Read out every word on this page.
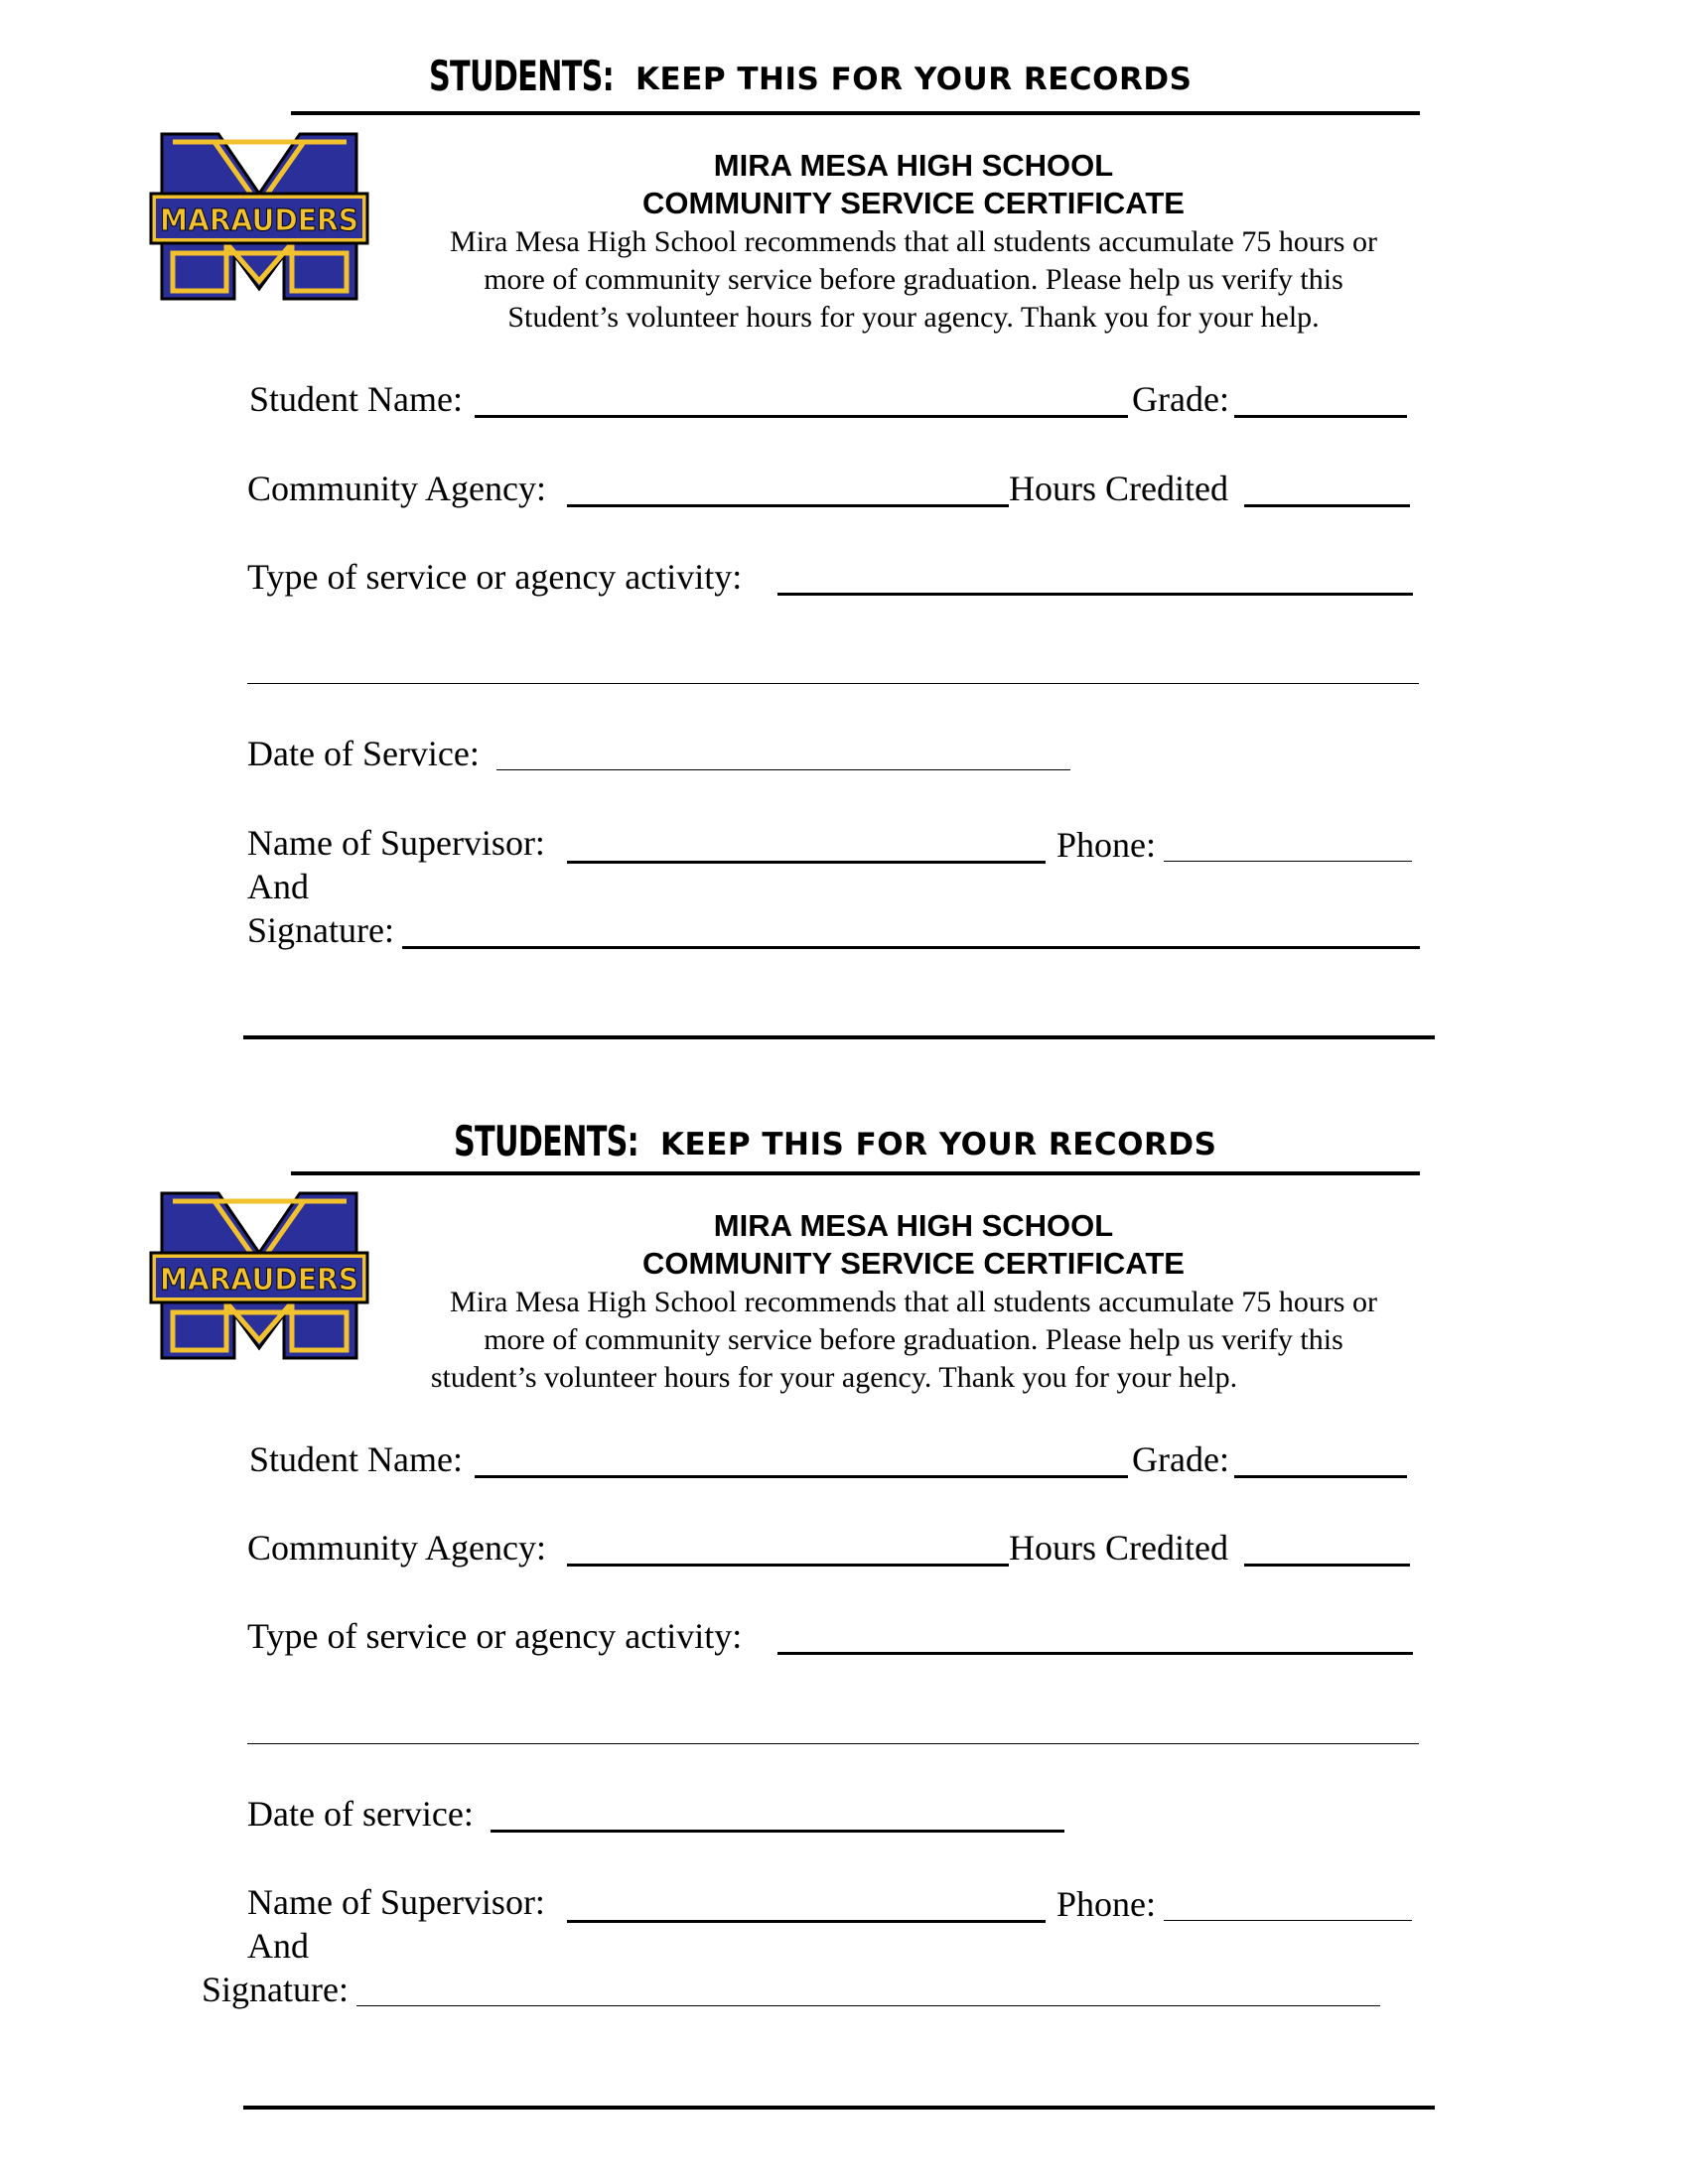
STUDENTS: KEEP THIS FOR YOUR RECORDS
MARAUDERS
MIRA MESA HIGH SCHOOL
COMMUNITY SERVICE CERTIFICATE
Mira Mesa High School recommends that all students accumulate 75 hours or
more of community service before graduation. Please help us verify this
Student’s volunteer hours for your agency. Thank you for your help.
Student Name:	Grade:
Community Agency:	Hours Credited
Type of service or agency activity:
Date of Service:
Name of Supervisor:	Phone:
And
Signature:
STUDENTS: KEEP THIS FOR YOUR RECORDS
MARAUDERS
MIRA MESA HIGH SCHOOL
COMMUNITY SERVICE CERTIFICATE
Mira Mesa High School recommends that all students accumulate 75 hours or
more of community service before graduation. Please help us verify this
student’s volunteer hours for your agency. Thank you for your help.
Student Name:	Grade:
Community Agency:	Hours Credited
Type of service or agency activity:
Date of service:
Name of Supervisor:	Phone:
And
Signature:
